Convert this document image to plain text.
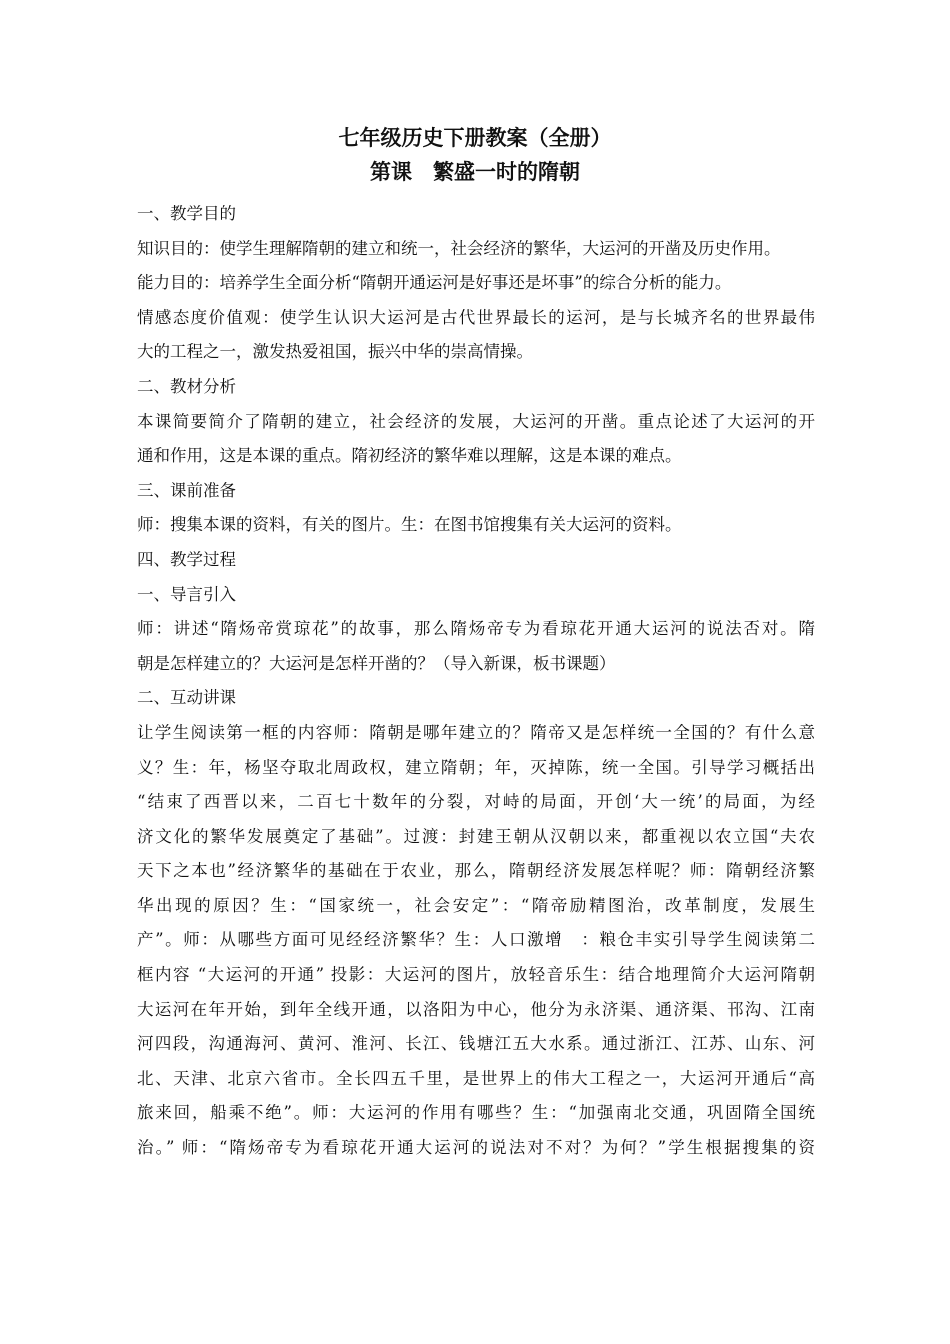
七年级历史下册教案（全册）
第课　繁盛一时的隋朝
一、教学目的
知识目的：使学生理解隋朝的建立和统一，社会经济的繁华，大运河的开凿及历史作用。
能力目的：培养学生全面分析“隋朝开通运河是好事还是坏事”的综合分析的能力。
情感态度价值观：使学生认识大运河是古代世界最长的运河，是与长城齐名的世界最伟
大的工程之一，激发热爱祖国，振兴中华的崇高情操。
二、教材分析
本课简要简介了隋朝的建立，社会经济的发展，大运河的开凿。重点论述了大运河的开
通和作用，这是本课的重点。隋初经济的繁华难以理解，这是本课的难点。
三、课前准备
师：搜集本课的资料，有关的图片。生：在图书馆搜集有关大运河的资料。
四、教学过程
一、导言引入
师：讲述“隋炀帝赏琼花”的故事，那么隋炀帝专为看琼花开通大运河的说法否对。隋
朝是怎样建立的？大运河是怎样开凿的？（导入新课，板书课题）
二、互动讲课
让学生阅读第一框的内容师：隋朝是哪年建立的？隋帝又是怎样统一全国的？有什么意
义？生：年，杨坚夺取北周政权，建立隋朝；年，灭掉陈，统一全国。引导学习概括出
“结束了西晋以来，二百七十数年的分裂，对峙的局面，开创‘大一统’的局面，为经
济文化的繁华发展奠定了基础”。过渡：封建王朝从汉朝以来，都重视以农立国“夫农
天下之本也”经济繁华的基础在于农业，那么，隋朝经济发展怎样呢？师：隋朝经济繁
华出现的原因？生：“国家统一，社会安定”：“隋帝励精图治，改革制度，发展生
产”。师：从哪些方面可见经经济繁华？生：人口激增　：粮仓丰实引导学生阅读第二
框内容 “大运河的开通” 投影：大运河的图片，放轻音乐生：结合地理简介大运河隋朝
大运河在年开始，到年全线开通，以洛阳为中心，他分为永济渠、通济渠、邗沟、江南
河四段，沟通海河、黄河、淮河、长江、钱塘江五大水系。通过浙江、江苏、山东、河
北、天津、北京六省市。全长四五千里，是世界上的伟大工程之一，大运河开通后“高
旅来回，船乘不绝”。师：大运河的作用有哪些？生：“加强南北交通，巩固隋全国统
治。” 师：“隋炀帝专为看琼花开通大运河的说法对不对？为何？”学生根据搜集的资
